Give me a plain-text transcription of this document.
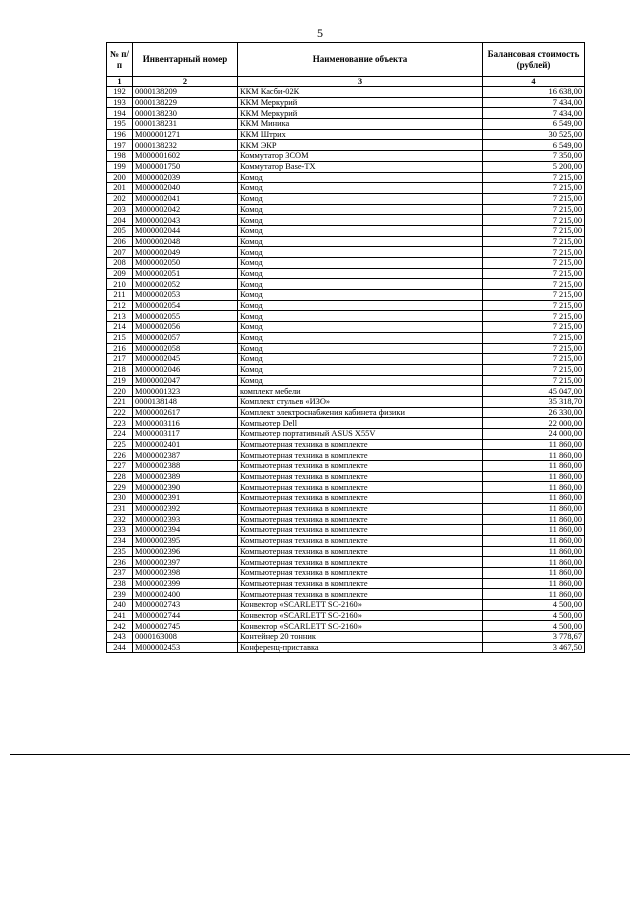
5
№ п/п	Инвентарный номер	Наименование объекта	Балансовая стоимость (рублей)
1	2	3	4
192	0000138209	ККМ Касби-02К	16 638,00
193	0000138229	ККМ Меркурий	7 434,00
194	0000138230	ККМ Меркурий	7 434,00
195	0000138231	ККМ Миника	6 549,00
196	М000001271	ККМ Штрих	30 525,00
197	0000138232	ККМ ЭКР	6 549,00
198	М000001602	Коммутатор 3COM	7 350,00
199	М000001750	Коммутатор Base-TX	5 200,00
200	М000002039	Комод	7 215,00
201	М000002040	Комод	7 215,00
202	М000002041	Комод	7 215,00
203	М000002042	Комод	7 215,00
204	М000002043	Комод	7 215,00
205	М000002044	Комод	7 215,00
206	М000002048	Комод	7 215,00
207	М000002049	Комод	7 215,00
208	М000002050	Комод	7 215,00
209	М000002051	Комод	7 215,00
210	М000002052	Комод	7 215,00
211	М000002053	Комод	7 215,00
212	М000002054	Комод	7 215,00
213	М000002055	Комод	7 215,00
214	М000002056	Комод	7 215,00
215	М000002057	Комод	7 215,00
216	М000002058	Комод	7 215,00
217	М000002045	Комод	7 215,00
218	М000002046	Комод	7 215,00
219	М000002047	Комод	7 215,00
220	М000001323	комплект мебели	45 047,00
221	0000138148	Комплект стульев «ИЗО»	35 318,70
222	М000002617	Комплект электроснабжения кабинета физики	26 330,00
223	М000003116	Компьютер Dell	22 000,00
224	М000003117	Компьютер портативный ASUS X55V	24 000,00
225	М000002401	Компьютерная техника в комплекте	11 860,00
226	М000002387	Компьютерная техника в комплекте	11 860,00
227	М000002388	Компьютерная техника в комплекте	11 860,00
228	М000002389	Компьютерная техника в комплекте	11 860,00
229	М000002390	Компьютерная техника в комплекте	11 860,00
230	М000002391	Компьютерная техника в комплекте	11 860,00
231	М000002392	Компьютерная техника в комплекте	11 860,00
232	М000002393	Компьютерная техника в комплекте	11 860,00
233	М000002394	Компьютерная техника в комплекте	11 860,00
234	М000002395	Компьютерная техника в комплекте	11 860,00
235	М000002396	Компьютерная техника в комплекте	11 860,00
236	М000002397	Компьютерная техника в комплекте	11 860,00
237	М000002398	Компьютерная техника в комплекте	11 860,00
238	М000002399	Компьютерная техника в комплекте	11 860,00
239	М000002400	Компьютерная техника в комплекте	11 860,00
240	М000002743	Конвектор «SCARLETT SC-2160»	4 500,00
241	М000002744	Конвектор «SCARLETT SC-2160»	4 500,00
242	М000002745	Конвектор «SCARLETT SC-2160»	4 500,00
243	0000163008	Контейнер 20 тонник	3 778,67
244	М000002453	Конференц-приставка	3 467,50
